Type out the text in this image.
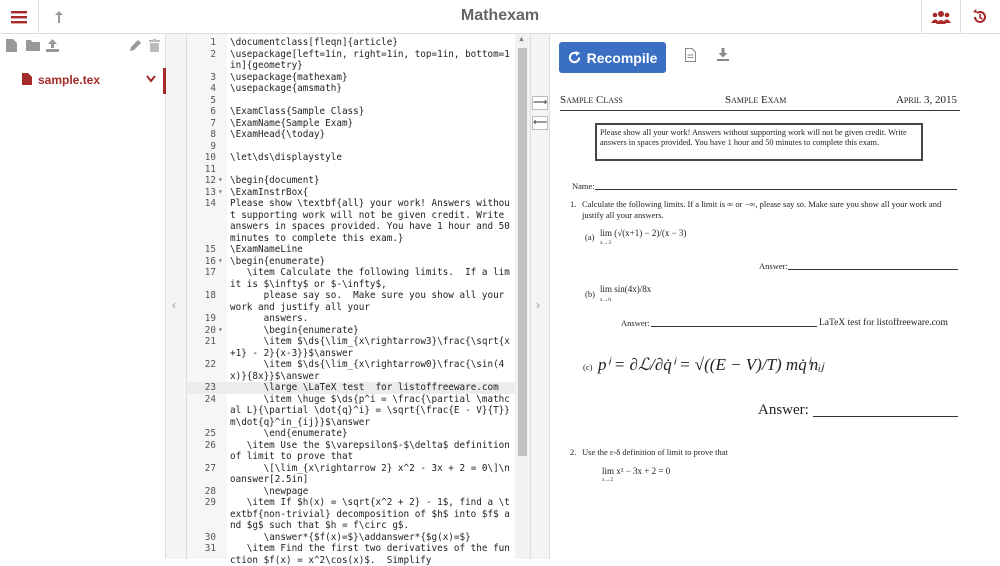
Mathexam
sample.tex
‹
1 \documentclass[fleqn]{article}
2 \usepackage[left=1in, right=1in, top=1in, bottom=1in]{geometry}
3 \usepackage{mathexam}
4 \usepackage{amsmath}
5
6 \ExamClass{Sample Class}
7 \ExamName{Sample Exam}
8 \ExamHead{\today}
9
10 \let\ds\displaystyle
11
12 ▾ \begin{document}
13 ▾ \ExamInstrBox{
14 Please show \textbf{all} your work! Answers without supporting work will not be given credit. Write answers in spaces provided. You have 1 hour and 50 minutes to complete this exam.}
15 \ExamNameLine
16 ▾ \begin{enumerate}
17 \item Calculate the following limits.  If a limit is $\infty$ or $-\infty$,
18 please say so.  Make sure you show all your work and justify all your
19 answers.
20 ▾ \begin{enumerate}
21 \item $\ds{\lim_{x\rightarrow3}\frac{\sqrt{x+1} - 2}{x-3}}$\answer
22 \item $\ds{\lim_{x\rightarrow0}\frac{\sin(4x)}{8x}}$\answer
23 \large \LaTeX test  for listoffreeware.com
24 \item \huge $\ds{p^i = \frac{\partial \mathcal L}{\partial \dot{q}^i} = \sqrt{\frac{E - V}{T}}m\dot{q}^in_{ij}}$\answer
25 \end{enumerate}
26 \item Use the $\varepsilon$-$\delta$ definition of limit to prove that
27 \[\lim_{x\rightarrow 2} x^2 - 3x + 2 = 0\]\noanswer[2.5in]
28 \newpage
29 \item If $h(x) = \sqrt{x^2 + 2} - 1$, find a \textbf{non-trivial} decomposition of $h$ into $f$ and $g$ such that $h = f\circ g$.
30 \answer*{$f(x)=$}\addanswer*{$g(x)=$}
31 \item Find the first two derivatives of the function $f(x) = x^2\cos(x)$.  Simplify
▲
⟶
⟵
›
Recompile
Sample Class	Sample Exam	April 3, 2015
Please show all your work! Answers without supporting work will not be given credit. Write answers in spaces provided. You have 1 hour and 50 minutes to complete this exam.
Name:
1. Calculate the following limits. If a limit is ∞ or −∞, please say so. Make sure you show all your work and justify all your answers.
(a) lim (√(x+1) − 2)/(x − 3)
x→3
Answer:
(b) lim sin(4x)/8x
x→0
Answer:	LaTeX test for listoffreeware.com
(c) pⁱ = ∂ℒ/∂q̇ⁱ = √((E − V)/T) mq̇ⁱnᵢⱼ
Answer:
2. Use the ε-δ definition of limit to prove that
lim x² − 3x + 2 = 0
x→2
